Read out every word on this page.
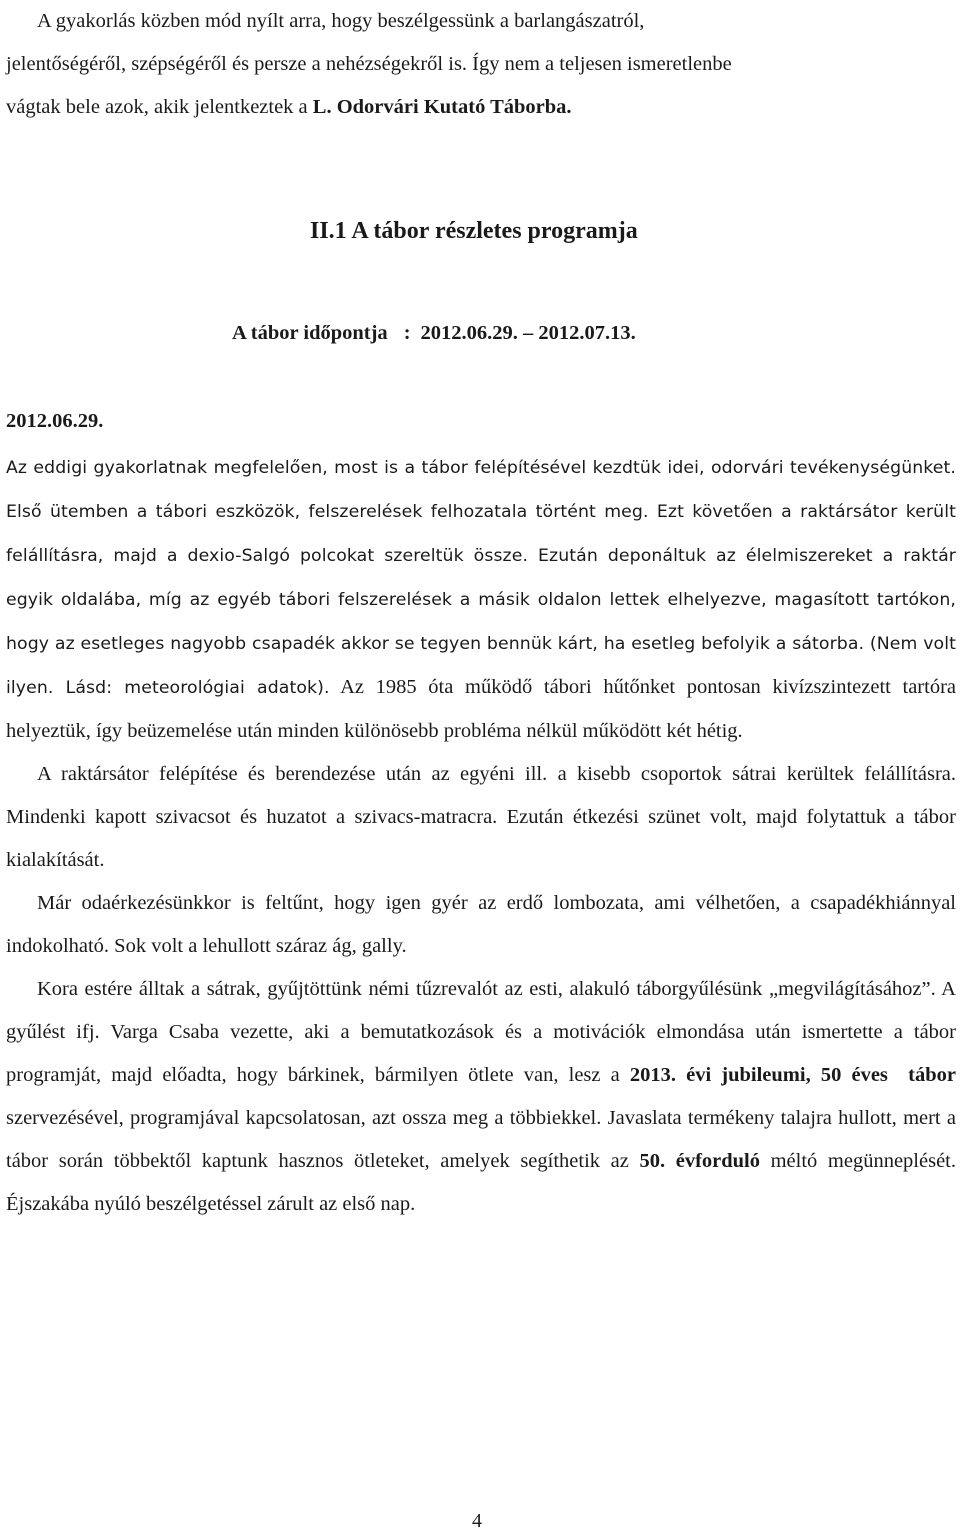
A gyakorlás közben mód nyílt arra, hogy beszélgessünk a barlangászatról,

jelentőségéről, szépségéről és persze a nehézségekről is. Így nem a teljesen ismeretlenbe

vágtak bele azok, akik jelentkeztek a L. Odorvári Kutató Táborba.

II.1 A tábor részletes programja
A tábor időpontja : 2012.06.29. – 2012.07.13.
2012.06.29.

Az eddigi gyakorlatnak megfelelően, most is a tábor felépítésével kezdtük idei, odorvári tevékenységünket. Első ütemben a tábori eszközök, felszerelések felhozatala történt meg. Ezt követően a raktársátor került felállításra, majd a dexio-Salgó polcokat szereltük össze. Ezután deponáltuk az élelmiszereket a raktár egyik oldalába, míg az egyéb tábori felszerelések a másik oldalon lettek elhelyezve, magasított tartókon, hogy az esetleges nagyobb csapadék akkor se tegyen bennük kárt, ha esetleg befolyik a sátorba. (Nem volt ilyen. Lásd: meteorológiai adatok). Az 1985 óta működő tábori hűtőnket pontosan kivízszintezett tartóra helyeztük, így beüzemelése után minden különösebb probléma nélkül működött két hétig.

A raktársátor felépítése és berendezése után az egyéni ill. a kisebb csoportok sátrai kerültek felállításra. Mindenki kapott szivacsot és huzatot a szivacs-matracra. Ezután étkezési szünet volt, majd folytattuk a tábor kialakítását.

Már odaérkezésünkkor is feltűnt, hogy igen gyér az erdő lombozata, ami vélhetően, a csapadékhiánnyal indokolható. Sok volt a lehullott száraz ág, gally.

Kora estére álltak a sátrak, gyűjtöttünk némi tűzrevalót az esti, alakuló táborgyűlésünk „megvilágításához”. A gyűlést ifj. Varga Csaba vezette, aki a bemutatkozások és a motivációk elmondása után ismertette a tábor programját, majd előadta, hogy bárkinek, bármilyen ötlete van, lesz a 2013. évi jubileumi, 50 éves tábor szervezésével, programjával kapcsolatosan, azt ossza meg a többiekkel. Javaslata termékeny talajra hullott, mert a tábor során többektől kaptunk hasznos ötleteket, amelyek segíthetik az 50. évforduló méltó megünneplését. Éjszakába nyúló beszélgetéssel zárult az első nap.

4
